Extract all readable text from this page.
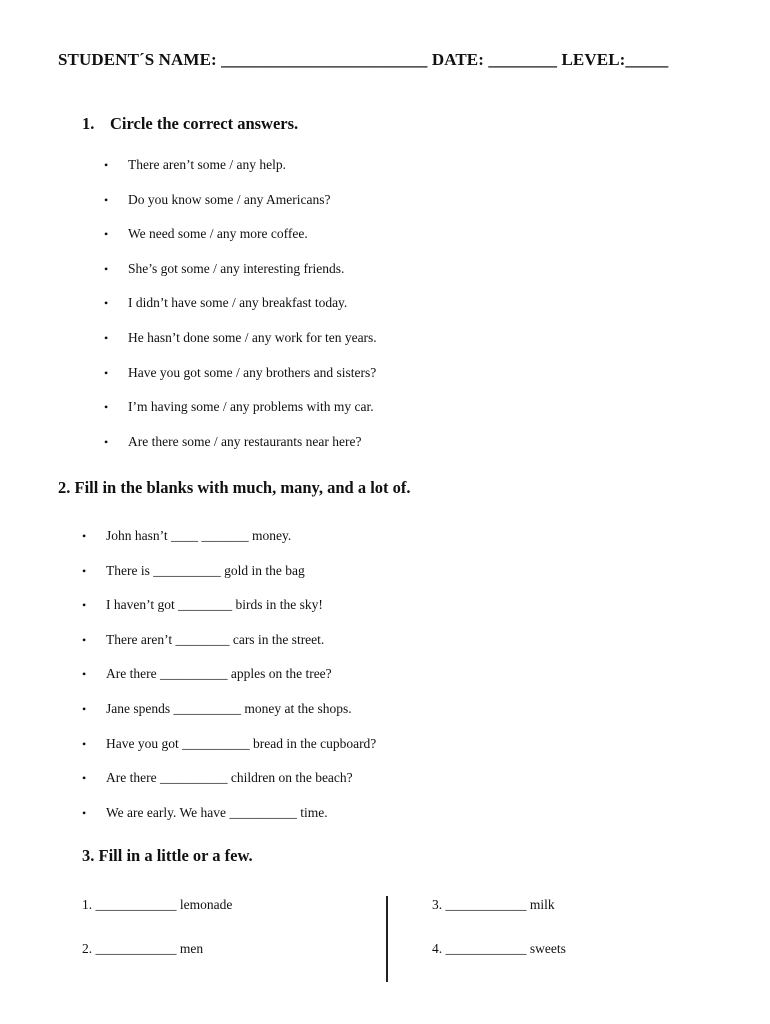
STUDENT´S NAME: ________________________ DATE: ________ LEVEL:_____
1. Circle the correct answers.
• There aren’t some / any help.
• Do you know some / any Americans?
• We need some / any more coffee.
• She’s got some / any interesting friends.
• I didn’t have some / any breakfast today.
• He hasn’t done some / any work for ten years.
• Have you got some / any brothers and sisters?
• I’m having some / any problems with my car.
• Are there some / any restaurants near here?
2. Fill in the blanks with much, many, and a lot of.
• John hasn’t ____ _______ money.
• There is __________ gold in the bag
• I haven’t got ________ birds in the sky!
• There aren’t ________ cars in the street.
• Are there __________ apples on the tree?
• Jane spends __________ money at the shops.
• Have you got __________ bread in the cupboard?
• Are there __________ children on the beach?
• We are early. We have __________ time.
3. Fill in a little or a few.
1. ____________ lemonade
2. ____________ men
3. ____________ milk
4. ____________ sweets
